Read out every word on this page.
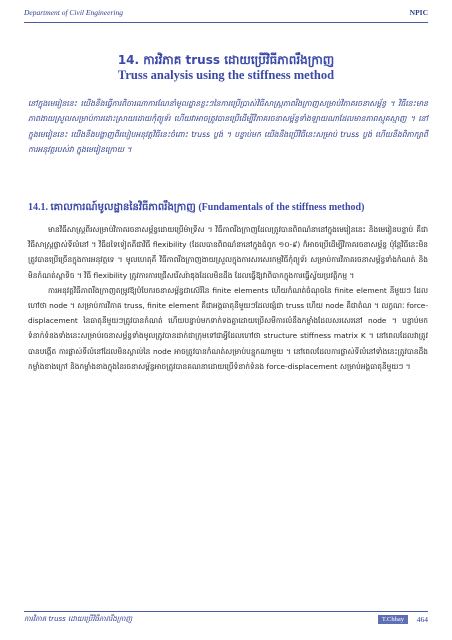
Department of Civil Engineering	NPIC
14. ការវិភាគ truss ដោយប្រើវិធីភាពរឹងក្រាញ
Truss analysis using the stiffness method
នៅក្នុងមេរៀននេះ យើងនឹងធ្វើការពិចារណាការណែនាំមូលដ្ឋានខ្លះៗនៃការប្រើប្រាស់វិធីសាស្ត្រភាពរឹងក្រាញសម្រាប់វិភាគរចនាសម្ព័ន្ធ ។ វិធីនេះមានភាពងាយស្រួលសម្រាប់ការដោះស្រាយដោយកុំព្យូទ័រ ហើយវាអាចត្រូវបានប្រើដើម្បីវិភាគរចនាសម្ព័ន្ធទាំងឡាយណាដែលមានភាពស្មុគស្មាញ ។ នៅក្នុងមេរៀននេះ យើងនឹងបង្ហាញពីរបៀបអនុវត្តវិធីនេះចំពោះ truss ប្លង់ ។ បន្ទាប់មក យើងនឹងប្រើវិធីនេះសម្រាប់ truss ប្លង់ ហើយនឹងពិភាក្សាពីការអនុវត្តរបស់វា ក្នុងមេរៀនក្រោយ ។
14.1. គោលការណ៍មូលដ្ឋាននៃវិធីភាពរឹងក្រាញ (Fundamentals of the stiffness method)

មានវិធីសាស្ត្រពីរសម្រាប់វិភាគរចនាសម្ព័ន្ធដោយប្រើម៉ាទ្រីស ។ វិធីភាពរឹងក្រាញដែលត្រូវបានពិពណ៌នានៅក្នុងមេរៀននេះ និងមេរៀនបន្ទាប់ គឺជាវិធីសាស្ត្រផ្លាស់ទីលំនៅ ។ វិធីដទៃទៀតគឺជាវិធី flexibility (ដែលបានពិពណ៌នានៅក្នុងជំពូក ១០-៩) ក៏អាចប្រើដើម្បីវិភាគរចនាសម្ព័ន្ធ ប៉ុន្តែវិធីនេះមិនត្រូវបានប្រើច្រើនក្នុងការអនុវត្តទេ ។ មូលហេតុគឺ វិធីភាពរឹងក្រាញងាយស្រួលក្នុងការសរសេរកម្មវិធីកុំព្យូទ័រ សម្រាប់ការវិភាគរចនាសម្ព័ន្ធទាំងកំណត់ និងមិនកំណត់ស្តាទិច ។ វិធី flexibility ត្រូវការការជ្រើសរើសរ៉ាឌុងដែលមិនដឹង ដែលធ្វើឱ្យវាពិបាកក្នុងការធ្វើស្វ័យប្រវត្តិកម្ម ។

ការអនុវត្តវិធីភាពរឹងក្រាញតម្រូវឱ្យបំបែករចនាសម្ព័ន្ធជាស៊េរីនៃ finite elements ហើយកំណត់ចំណុចនៃ finite element នីមួយៗ ដែលហៅថា node ។ សម្រាប់ការវិភាគ truss, finite element គឺជាអង្គធាតុនីមួយៗដែលផ្សំជា truss ហើយ node គឺជាតំណ ។ លក្ខណៈ force-displacement នៃធាតុនីមួយៗត្រូវបានកំណត់ ហើយបន្ទាប់មកទាក់ទងគ្នាដោយប្រើសមីការលំនឹងកម្លាំងដែលសរសេរនៅ node ។ បន្ទាប់មក ទំនាក់ទំនងទាំងនេះសម្រាប់រចនាសម្ព័ន្ធទាំងមូលត្រូវបានដាក់ជាក្រុមទៅជាអ្វីដែលហៅថា structure stiffness matrix K ។ នៅពេលដែលវាត្រូវបានបង្កើត ការផ្លាស់ទីលំនៅដែលមិនស្គាល់នៃ node អាចត្រូវបានកំណត់សម្រាប់បន្ទុកណាមួយ ។ នៅពេលដែលការផ្លាស់ទីលំនៅទាំងនេះត្រូវបានដឹង កម្លាំងខាងក្រៅ និងកម្លាំងខាងក្នុងនៃរចនាសម្ព័ន្ធអាចត្រូវបានគណនាដោយប្រើទំនាក់ទំនង force-displacement សម្រាប់អង្គធាតុនីមួយៗ ។

ការវិភាគ truss ដោយប្រើវិធីភាពរឹងក្រាញ	T.Chhay	464
